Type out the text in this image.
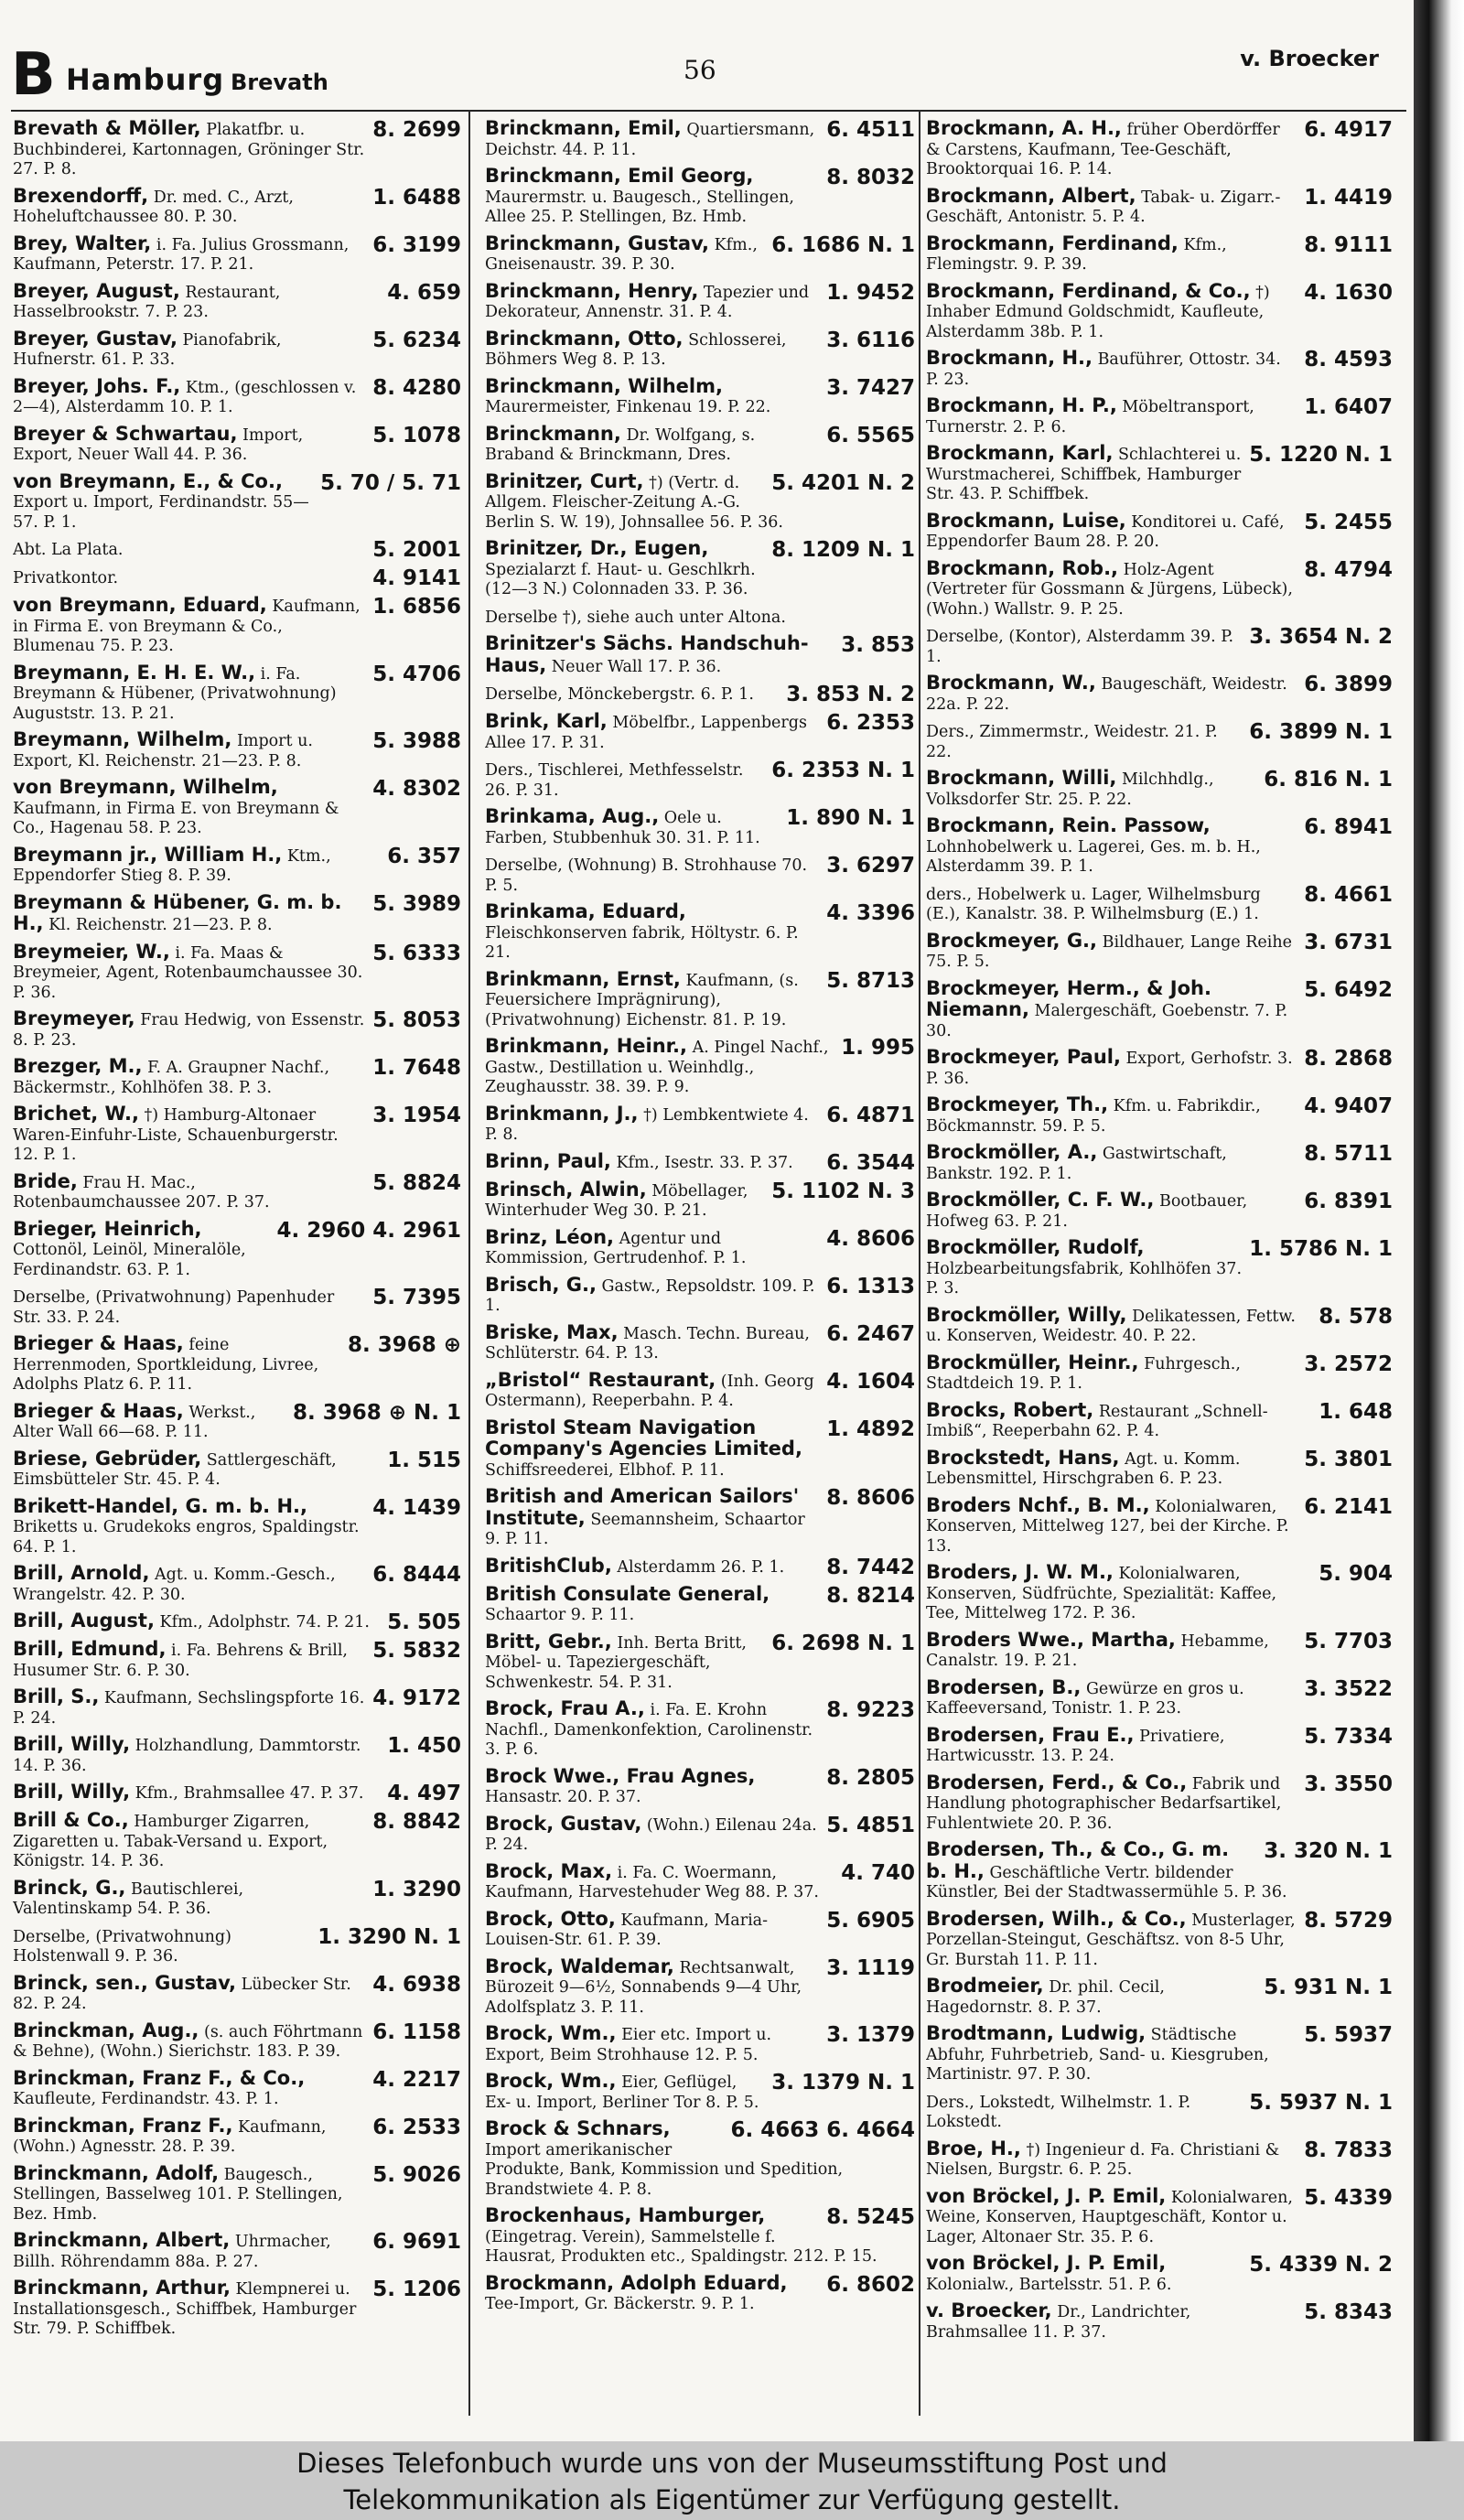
B Hamburg Brevath	56	v. Broecker
8. 2699
Brevath & Möller, Plakatfbr. u. Buchbinderei, Kartonnagen, Gröninger Str. 27. P. 8.
1. 6488
Brexendorff, Dr. med. C., Arzt, Hoheluftchaussee 80. P. 30.
6. 3199
Brey, Walter, i. Fa. Julius Grossmann, Kaufmann, Peterstr. 17. P. 21.
4. 659
Breyer, August, Restaurant, Hasselbrookstr. 7. P. 23.
5. 6234
Breyer, Gustav, Pianofabrik, Hufnerstr. 61. P. 33.
8. 4280
Breyer, Johs. F., Ktm., (geschlossen v. 2—4), Alsterdamm 10. P. 1.
5. 1078
Breyer & Schwartau, Import, Export, Neuer Wall 44. P. 36.
5. 70 / 5. 71
von Breymann, E., & Co., Export u. Import, Ferdinandstr. 55—57. P. 1.
5. 2001
Abt. La Plata.
4. 9141
Privatkontor.
1. 6856
von Breymann, Eduard, Kaufmann, in Firma E. von Breymann & Co., Blumenau 75. P. 23.
5. 4706
Breymann, E. H. E. W., i. Fa. Breymann & Hübener, (Privatwohnung) Auguststr. 13. P. 21.
5. 3988
Breymann, Wilhelm, Import u. Export, Kl. Reichenstr. 21—23. P. 8.
4. 8302
von Breymann, Wilhelm, Kaufmann, in Firma E. von Breymann & Co., Hagenau 58. P. 23.
6. 357
Breymann jr., William H., Ktm., Eppendorfer Stieg 8. P. 39.
5. 3989
Breymann & Hübener, G. m. b. H., Kl. Reichenstr. 21—23. P. 8.
5. 6333
Breymeier, W., i. Fa. Maas & Breymeier, Agent, Rotenbaumchaussee 30. P. 36.
5. 8053
Breymeyer, Frau Hedwig, von Essenstr. 8. P. 23.
1. 7648
Brezger, M., F. A. Graupner Nachf., Bäckermstr., Kohlhöfen 38. P. 3.
3. 1954
Brichet, W., †) Hamburg-Altonaer Waren-Einfuhr-Liste, Schauenburgerstr. 12. P. 1.
5. 8824
Bride, Frau H. Mac., Rotenbaumchaussee 207. P. 37.
4. 2960 4. 2961
Brieger, Heinrich, Cottonöl, Leinöl, Mineralöle, Ferdinandstr. 63. P. 1.
5. 7395
Derselbe, (Privatwohnung) Papenhuder Str. 33. P. 24.
8. 3968 ⊕
Brieger & Haas, feine Herrenmoden, Sportkleidung, Livree, Adolphs Platz 6. P. 11.
8. 3968 ⊕ N. 1
Brieger & Haas, Werkst., Alter Wall 66—68. P. 11.
1. 515
Briese, Gebrüder, Sattlergeschäft, Eimsbütteler Str. 45. P. 4.
4. 1439
Brikett-Handel, G. m. b. H., Briketts u. Grudekoks engros, Spaldingstr. 64. P. 1.
6. 8444
Brill, Arnold, Agt. u. Komm.-Gesch., Wrangelstr. 42. P. 30.
5. 505
Brill, August, Kfm., Adolphstr. 74. P. 21.
5. 5832
Brill, Edmund, i. Fa. Behrens & Brill, Husumer Str. 6. P. 30.
4. 9172
Brill, S., Kaufmann, Sechslingspforte 16. P. 24.
1. 450
Brill, Willy, Holzhandlung, Dammtorstr. 14. P. 36.
4. 497
Brill, Willy, Kfm., Brahmsallee 47. P. 37.
8. 8842
Brill & Co., Hamburger Zigarren, Zigaretten u. Tabak-Versand u. Export, Königstr. 14. P. 36.
1. 3290
Brinck, G., Bautischlerei, Valentinskamp 54. P. 36.
1. 3290 N. 1
Derselbe, (Privatwohnung) Holstenwall 9. P. 36.
4. 6938
Brinck, sen., Gustav, Lübecker Str. 82. P. 24.
6. 1158
Brinckman, Aug., (s. auch Föhrtmann & Behne), (Wohn.) Sierichstr. 183. P. 39.
4. 2217
Brinckman, Franz F., & Co., Kaufleute, Ferdinandstr. 43. P. 1.
6. 2533
Brinckman, Franz F., Kaufmann, (Wohn.) Agnesstr. 28. P. 39.
5. 9026
Brinckmann, Adolf, Baugesch., Stellingen, Basselweg 101. P. Stellingen, Bez. Hmb.
6. 9691
Brinckmann, Albert, Uhrmacher, Billh. Röhrendamm 88a. P. 27.
5. 1206
Brinckmann, Arthur, Klempnerei u. Installationsgesch., Schiffbek, Hamburger Str. 79. P. Schiffbek.
6. 4511
Brinckmann, Emil, Quartiersmann, Deichstr. 44. P. 11.
8. 8032
Brinckmann, Emil Georg, Maurermstr. u. Baugesch., Stellingen, Allee 25. P. Stellingen, Bz. Hmb.
6. 1686 N. 1
Brinckmann, Gustav, Kfm., Gneisenaustr. 39. P. 30.
1. 9452
Brinckmann, Henry, Tapezier und Dekorateur, Annenstr. 31. P. 4.
3. 6116
Brinckmann, Otto, Schlosserei, Böhmers Weg 8. P. 13.
3. 7427
Brinckmann, Wilhelm, Maurermeister, Finkenau 19. P. 22.
6. 5565
Brinckmann, Dr. Wolfgang, s. Braband & Brinckmann, Dres.
5. 4201 N. 2
Brinitzer, Curt, †) (Vertr. d. Allgem. Fleischer-Zeitung A.-G. Berlin S. W. 19), Johnsallee 56. P. 36.
8. 1209 N. 1
Brinitzer, Dr., Eugen, Spezialarzt f. Haut- u. Geschlkrh. (12—3 N.) Colonnaden 33. P. 36.
Derselbe †), siehe auch unter Altona.
3. 853
Brinitzer's Sächs. Handschuh-Haus, Neuer Wall 17. P. 36.
3. 853 N. 2
Derselbe, Mönckebergstr. 6. P. 1.
6. 2353
Brink, Karl, Möbelfbr., Lappenbergs Allee 17. P. 31.
6. 2353 N. 1
Ders., Tischlerei, Methfesselstr. 26. P. 31.
1. 890 N. 1
Brinkama, Aug., Oele u. Farben, Stubbenhuk 30. 31. P. 11.
3. 6297
Derselbe, (Wohnung) B. Strohhause 70. P. 5.
4. 3396
Brinkama, Eduard, Fleischkonserven fabrik, Höltystr. 6. P. 21.
5. 8713
Brinkmann, Ernst, Kaufmann, (s. Feuersichere Imprägnirung), (Privatwohnung) Eichenstr. 81. P. 19.
1. 995
Brinkmann, Heinr., A. Pingel Nachf., Gastw., Destillation u. Weinhdlg., Zeughausstr. 38. 39. P. 9.
6. 4871
Brinkmann, J., †) Lembkentwiete 4. P. 8.
6. 3544
Brinn, Paul, Kfm., Isestr. 33. P. 37.
5. 1102 N. 3
Brinsch, Alwin, Möbellager, Winterhuder Weg 30. P. 21.
4. 8606
Brinz, Léon, Agentur und Kommission, Gertrudenhof. P. 1.
6. 1313
Brisch, G., Gastw., Repsoldstr. 109. P. 1.
6. 2467
Briske, Max, Masch. Techn. Bureau, Schlüterstr. 64. P. 13.
4. 1604
„Bristol“ Restaurant, (Inh. Georg Ostermann), Reeperbahn. P. 4.
1. 4892
Bristol Steam Navigation Company's Agencies Limited, Schiffsreederei, Elbhof. P. 11.
8. 8606
British and American Sailors' Institute, Seemannsheim, Schaartor 9. P. 11.
8. 7442
BritishClub, Alsterdamm 26. P. 1.
8. 8214
British Consulate General, Schaartor 9. P. 11.
6. 2698 N. 1
Britt, Gebr., Inh. Berta Britt, Möbel- u. Tapeziergeschäft, Schwenkestr. 54. P. 31.
8. 9223
Brock, Frau A., i. Fa. E. Krohn Nachfl., Damenkonfektion, Carolinenstr. 3. P. 6.
8. 2805
Brock Wwe., Frau Agnes, Hansastr. 20. P. 37.
5. 4851
Brock, Gustav, (Wohn.) Eilenau 24a. P. 24.
4. 740
Brock, Max, i. Fa. C. Woermann, Kaufmann, Harvestehuder Weg 88. P. 37.
5. 6905
Brock, Otto, Kaufmann, Maria-Louisen-Str. 61. P. 39.
3. 1119
Brock, Waldemar, Rechtsanwalt, Bürozeit 9—6½, Sonnabends 9—4 Uhr, Adolfsplatz 3. P. 11.
3. 1379
Brock, Wm., Eier etc. Import u. Export, Beim Strohhause 12. P. 5.
3. 1379 N. 1
Brock, Wm., Eier, Geflügel, Ex- u. Import, Berliner Tor 8. P. 5.
6. 4663 6. 4664
Brock & Schnars, Import amerikanischer Produkte, Bank, Kommission und Spedition, Brandstwiete 4. P. 8.
8. 5245
Brockenhaus, Hamburger, (Eingetrag. Verein), Sammelstelle f. Hausrat, Produkten etc., Spaldingstr. 212. P. 15.
6. 8602
Brockmann, Adolph Eduard, Tee-Import, Gr. Bäckerstr. 9. P. 1.
6. 4917
Brockmann, A. H., früher Oberdörffer & Carstens, Kaufmann, Tee-Geschäft, Brooktorquai 16. P. 14.
1. 4419
Brockmann, Albert, Tabak- u. Zigarr.-Geschäft, Antonistr. 5. P. 4.
8. 9111
Brockmann, Ferdinand, Kfm., Flemingstr. 9. P. 39.
4. 1630
Brockmann, Ferdinand, & Co., †) Inhaber Edmund Goldschmidt, Kaufleute, Alsterdamm 38b. P. 1.
8. 4593
Brockmann, H., Bauführer, Ottostr. 34. P. 23.
1. 6407
Brockmann, H. P., Möbeltransport, Turnerstr. 2. P. 6.
5. 1220 N. 1
Brockmann, Karl, Schlachterei u. Wurstmacherei, Schiffbek, Hamburger Str. 43. P. Schiffbek.
5. 2455
Brockmann, Luise, Konditorei u. Café, Eppendorfer Baum 28. P. 20.
8. 4794
Brockmann, Rob., Holz-Agent (Vertreter für Gossmann & Jürgens, Lübeck), (Wohn.) Wallstr. 9. P. 25.
3. 3654 N. 2
Derselbe, (Kontor), Alsterdamm 39. P. 1.
6. 3899
Brockmann, W., Baugeschäft, Weidestr. 22a. P. 22.
6. 3899 N. 1
Ders., Zimmermstr., Weidestr. 21. P. 22.
6. 816 N. 1
Brockmann, Willi, Milchhdlg., Volksdorfer Str. 25. P. 22.
6. 8941
Brockmann, Rein. Passow, Lohnhobelwerk u. Lagerei, Ges. m. b. H., Alsterdamm 39. P. 1.
8. 4661
ders., Hobelwerk u. Lager, Wilhelmsburg (E.), Kanalstr. 38. P. Wilhelmsburg (E.) 1.
3. 6731
Brockmeyer, G., Bildhauer, Lange Reihe 75. P. 5.
5. 6492
Brockmeyer, Herm., & Joh. Niemann, Malergeschäft, Goebenstr. 7. P. 30.
8. 2868
Brockmeyer, Paul, Export, Gerhofstr. 3. P. 36.
4. 9407
Brockmeyer, Th., Kfm. u. Fabrikdir., Böckmannstr. 59. P. 5.
8. 5711
Brockmöller, A., Gastwirtschaft, Bankstr. 192. P. 1.
6. 8391
Brockmöller, C. F. W., Bootbauer, Hofweg 63. P. 21.
1. 5786 N. 1
Brockmöller, Rudolf, Holzbearbeitungsfabrik, Kohlhöfen 37. P. 3.
8. 578
Brockmöller, Willy, Delikatessen, Fettw. u. Konserven, Weidestr. 40. P. 22.
3. 2572
Brockmüller, Heinr., Fuhrgesch., Stadtdeich 19. P. 1.
1. 648
Brocks, Robert, Restaurant „Schnell-Imbiß“, Reeperbahn 62. P. 4.
5. 3801
Brockstedt, Hans, Agt. u. Komm. Lebensmittel, Hirschgraben 6. P. 23.
6. 2141
Broders Nchf., B. M., Kolonialwaren, Konserven, Mittelweg 127, bei der Kirche. P. 13.
5. 904
Broders, J. W. M., Kolonialwaren, Konserven, Südfrüchte, Spezialität: Kaffee, Tee, Mittelweg 172. P. 36.
5. 7703
Broders Wwe., Martha, Hebamme, Canalstr. 19. P. 21.
3. 3522
Brodersen, B., Gewürze en gros u. Kaffeeversand, Tonistr. 1. P. 23.
5. 7334
Brodersen, Frau E., Privatiere, Hartwicusstr. 13. P. 24.
3. 3550
Brodersen, Ferd., & Co., Fabrik und Handlung photographischer Bedarfsartikel, Fuhlentwiete 20. P. 36.
3. 320 N. 1
Brodersen, Th., & Co., G. m. b. H., Geschäftliche Vertr. bildender Künstler, Bei der Stadtwassermühle 5. P. 36.
8. 5729
Brodersen, Wilh., & Co., Musterlager, Porzellan-Steingut, Geschäftsz. von 8-5 Uhr, Gr. Burstah 11. P. 11.
5. 931 N. 1
Brodmeier, Dr. phil. Cecil, Hagedornstr. 8. P. 37.
5. 5937
Brodtmann, Ludwig, Städtische Abfuhr, Fuhrbetrieb, Sand- u. Kiesgruben, Martinistr. 97. P. 30.
5. 5937 N. 1
Ders., Lokstedt, Wilhelmstr. 1. P. Lokstedt.
8. 7833
Broe, H., †) Ingenieur d. Fa. Christiani & Nielsen, Burgstr. 6. P. 25.
5. 4339
von Bröckel, J. P. Emil, Kolonialwaren, Weine, Konserven, Hauptgeschäft, Kontor u. Lager, Altonaer Str. 35. P. 6.
5. 4339 N. 2
von Bröckel, J. P. Emil, Kolonialw., Bartelsstr. 51. P. 6.
5. 8343
v. Broecker, Dr., Landrichter, Brahmsallee 11. P. 37.
Dieses Telefonbuch wurde uns von der Museumsstiftung Post und
Telekommunikation als Eigentümer zur Verfügung gestellt.
